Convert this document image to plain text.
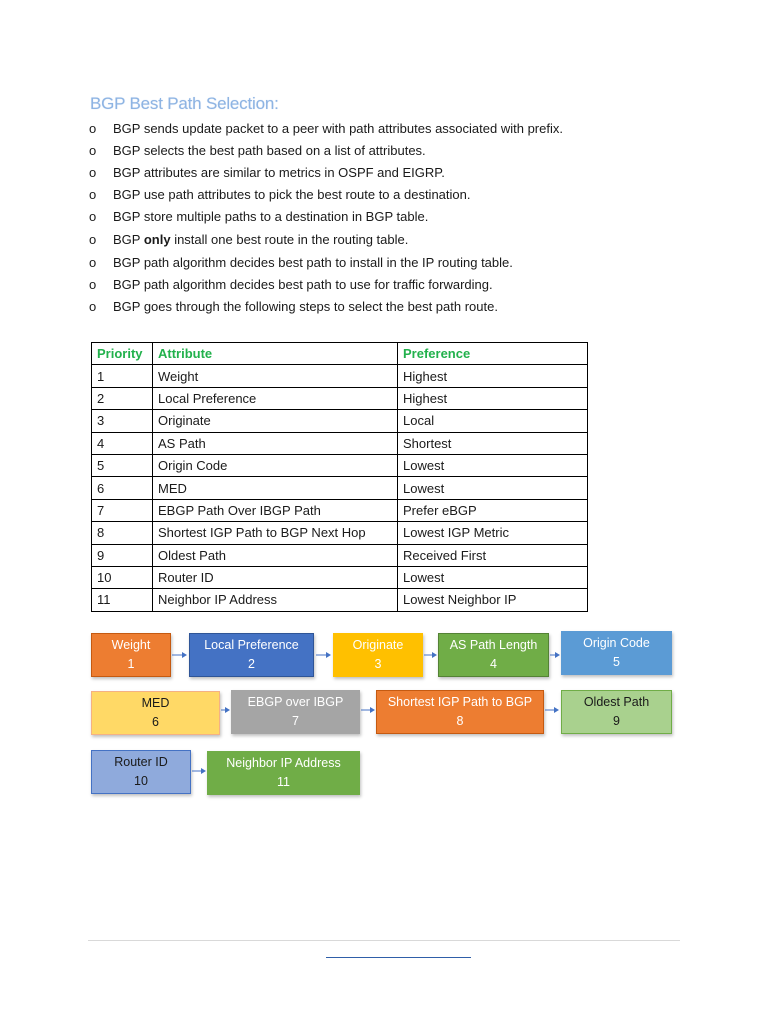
BGP Best Path Selection:
o BGP sends update packet to a peer with path attributes associated with prefix.
o BGP selects the best path based on a list of attributes.
o BGP attributes are similar to metrics in OSPF and EIGRP.
o BGP use path attributes to pick the best route to a destination.
o BGP store multiple paths to a destination in BGP table.
o BGP only install one best route in the routing table.
o BGP path algorithm decides best path to install in the IP routing table.
o BGP path algorithm decides best path to use for traffic forwarding.
o BGP goes through the following steps to select the best path route.
Priority	Attribute	Preference
1	Weight	Highest
2	Local Preference	Highest
3	Originate	Local
4	AS Path	Shortest
5	Origin Code	Lowest
6	MED	Lowest
7	EBGP Path Over IBGP Path	Prefer eBGP
8	Shortest IGP Path to BGP Next Hop	Lowest IGP Metric
9	Oldest Path	Received First
10	Router ID	Lowest
11	Neighbor IP Address	Lowest Neighbor IP
Weight
1
Local Preference
2
Originate
3
AS Path Length
4
Origin Code
5
MED
6
EBGP over IBGP
7
Shortest IGP Path to BGP
8
Oldest Path
9
Router ID
10
Neighbor IP Address
11
